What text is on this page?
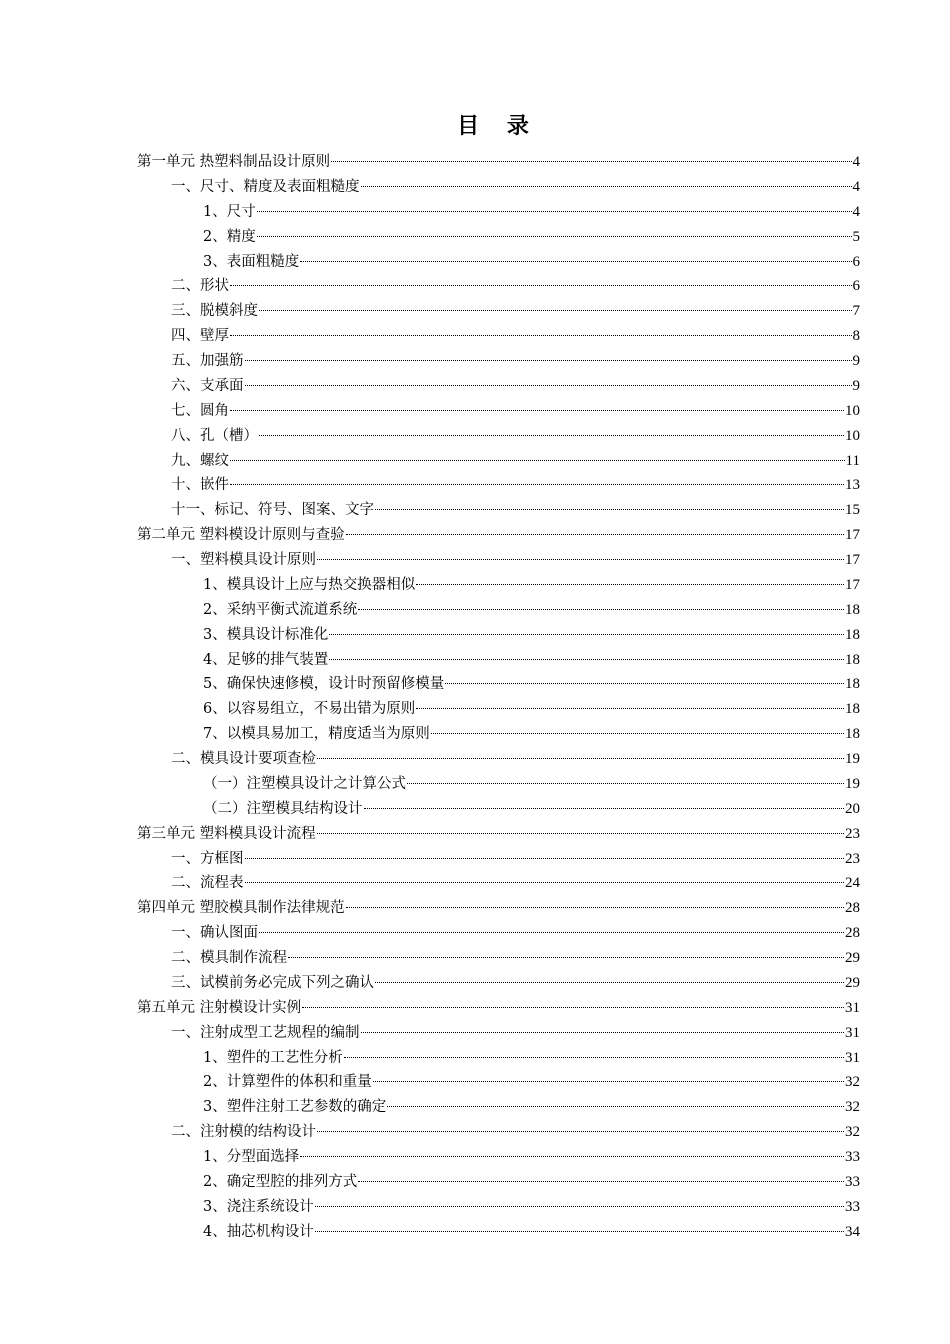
目 录
第一单元 热塑料制品设计原则	4
一、尺寸、精度及表面粗糙度	4
1、尺寸	4
2、精度	5
3、表面粗糙度	6
二、形状	6
三、脱模斜度	7
四、壁厚	8
五、加强筋	9
六、支承面	9
七、圆角	10
八、孔（槽）	10
九、螺纹	11
十、嵌件	13
十一、标记、符号、图案、文字	15
第二单元 塑料模设计原则与查验	17
一、塑料模具设计原则	17
1、模具设计上应与热交换器相似	17
2、采纳平衡式流道系统	18
3、模具设计标准化	18
4、足够的排气装置	18
5、确保快速修模，设计时预留修模量	18
6、以容易组立，不易出错为原则	18
7、以模具易加工，精度适当为原则	18
二、模具设计要项查检	19
（一）注塑模具设计之计算公式	19
（二）注塑模具结构设计	20
第三单元 塑料模具设计流程	23
一、方框图	23
二、流程表	24
第四单元 塑胶模具制作法律规范	28
一、确认图面	28
二、模具制作流程	29
三、试模前务必完成下列之确认	29
第五单元 注射模设计实例	31
一、注射成型工艺规程的编制	31
1、塑件的工艺性分析	31
2、计算塑件的体积和重量	32
3、塑件注射工艺参数的确定	32
二、注射模的结构设计	32
1、分型面选择	33
2、确定型腔的排列方式	33
3、浇注系统设计	33
4、抽芯机构设计	34
